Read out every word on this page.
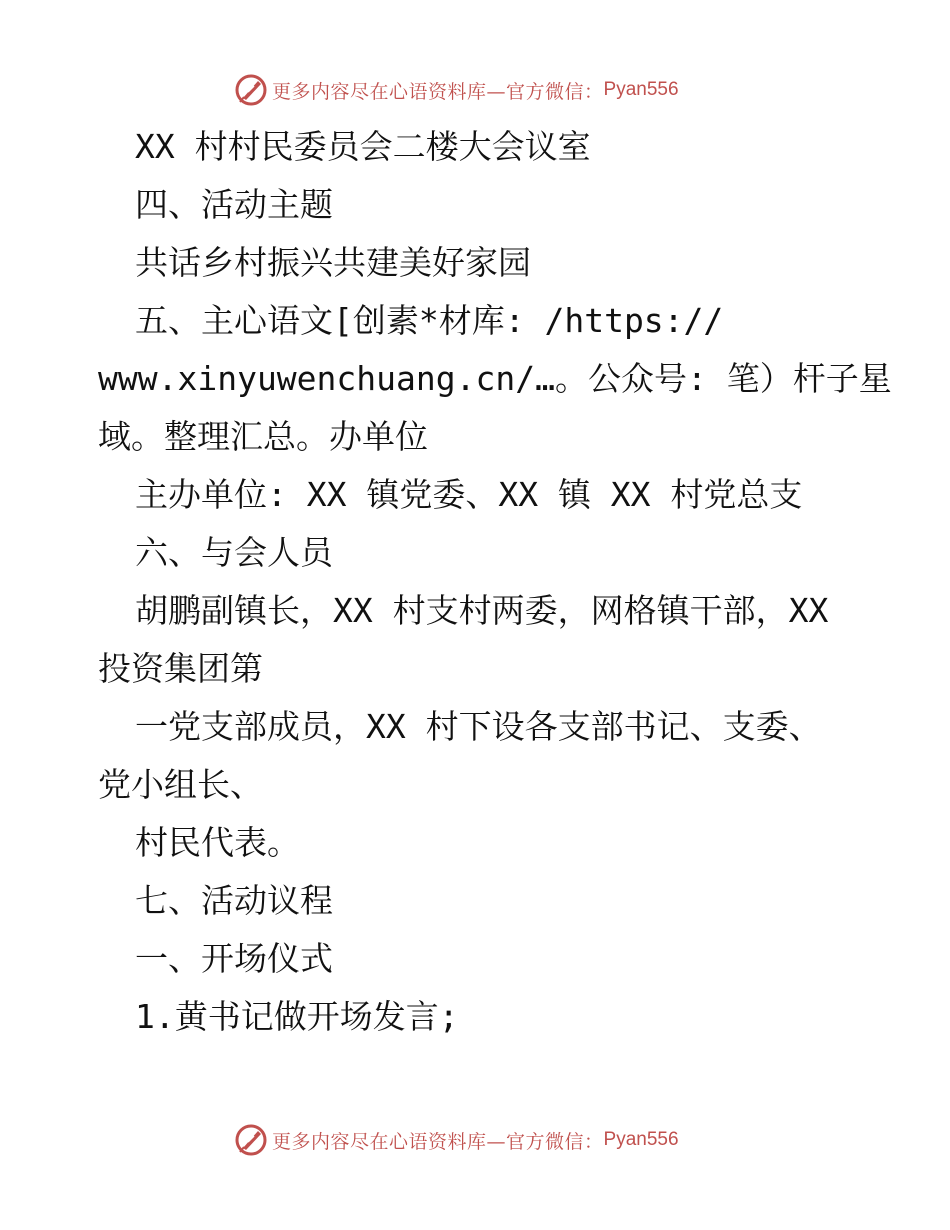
更多内容尽在心语资料库—官方微信： Pyan556
XX 村村民委员会二楼大会议室
四、活动主题
共话乡村振兴共建美好家园
五、主心语文[创素*材库: /https://
www.xinyuwenchuang.cn/…。公众号: 笔）杆子星
域。整理汇总。办单位
主办单位: XX 镇党委、XX 镇 XX 村党总支
六、与会人员
胡鹏副镇长，XX 村支村两委，网格镇干部，XX
投资集团第
一党支部成员，XX 村下设各支部书记、支委、
党小组长、
村民代表。
七、活动议程
一、开场仪式
1.黄书记做开场发言;
更多内容尽在心语资料库—官方微信： Pyan556
